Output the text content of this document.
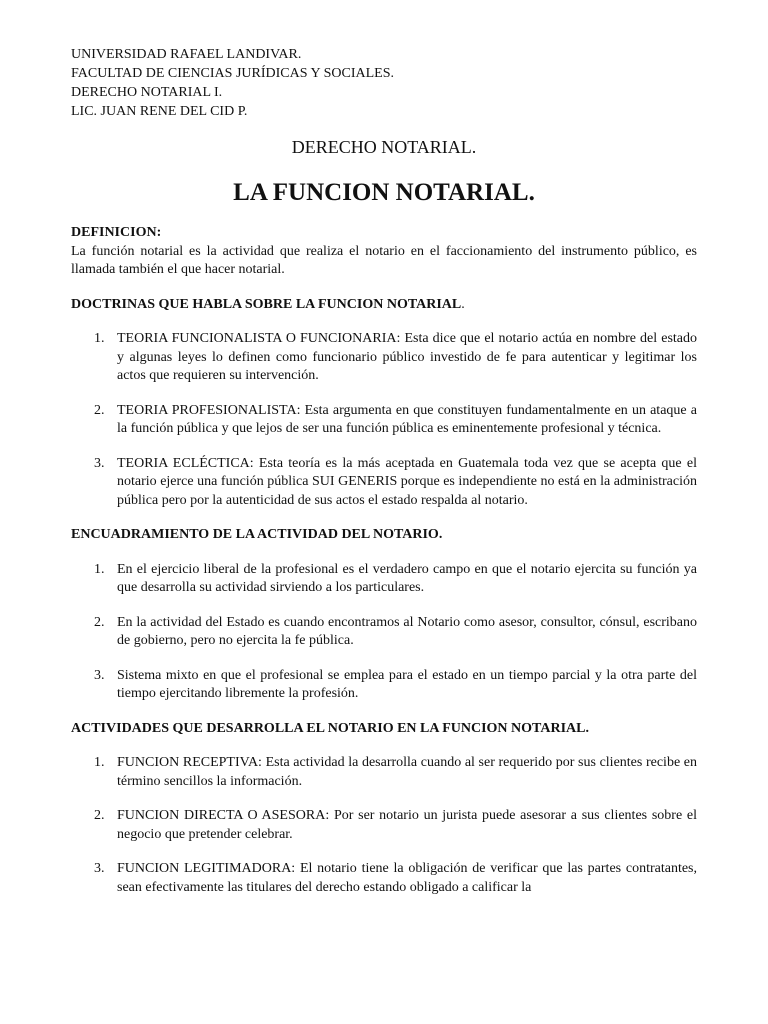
UNIVERSIDAD RAFAEL LANDIVAR.
FACULTAD DE CIENCIAS JURÍDICAS Y SOCIALES.
DERECHO NOTARIAL I.
LIC. JUAN RENE DEL CID P.
DERECHO NOTARIAL.
LA FUNCION NOTARIAL.

DEFINICION:

La función notarial es la actividad que realiza el notario en el faccionamiento del instrumento público, es llamada también el que hacer notarial.

DOCTRINAS QUE HABLA SOBRE LA FUNCION NOTARIAL.

1. TEORIA FUNCIONALISTA O FUNCIONARIA: Esta dice que el notario actúa en nombre del estado y algunas leyes lo definen como funcionario público investido de fe para autenticar y legitimar los actos que requieren su intervención.
2. TEORIA PROFESIONALISTA: Esta argumenta en que constituyen fundamentalmente en un ataque a la función pública y que lejos de ser una función pública es eminentemente profesional y técnica.
3. TEORIA ECLÉCTICA: Esta teoría es la más aceptada en Guatemala toda vez que se acepta que el notario ejerce una función pública SUI GENERIS porque es independiente no está en la administración pública pero por la autenticidad de sus actos el estado respalda al notario.

ENCUADRAMIENTO DE LA ACTIVIDAD DEL NOTARIO.

1. En el ejercicio liberal de la profesional es el verdadero campo en que el notario ejercita su función ya que desarrolla su actividad sirviendo a los particulares.
2. En la actividad del Estado es cuando encontramos al Notario como asesor, consultor, cónsul, escribano de gobierno, pero no ejercita la fe pública.
3. Sistema mixto en que el profesional se emplea para el estado en un tiempo parcial y la otra parte del tiempo ejercitando libremente la profesión.

ACTIVIDADES QUE DESARROLLA EL NOTARIO EN LA FUNCION NOTARIAL.

1. FUNCION RECEPTIVA: Esta actividad la desarrolla cuando al ser requerido por sus clientes recibe en término sencillos la información.
2. FUNCION DIRECTA O ASESORA: Por ser notario un jurista puede asesorar a sus clientes sobre el negocio que pretender celebrar.
3. FUNCION LEGITIMADORA: El notario tiene la obligación de verificar que las partes contratantes, sean efectivamente las titulares del derecho estando obligado a calificar la
